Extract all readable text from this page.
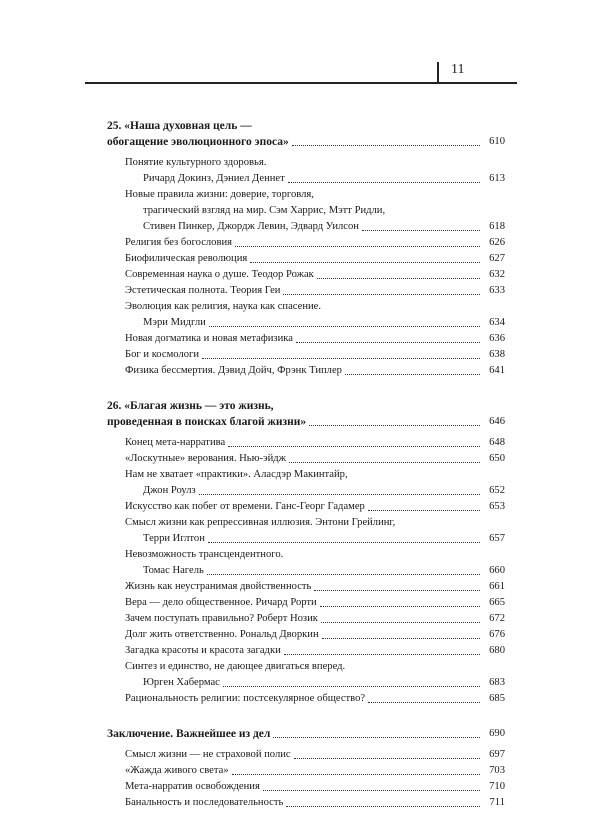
11
25. «Наша духовная цель —
обогащение эволюционного эпоса»	610
Понятие культурного здоровья.
Ричард Докинз, Дэниел Деннет	613
Новые правила жизни: доверие, торговля,
трагический взгляд на мир. Сэм Харрис, Мэтт Ридли,
Стивен Пинкер, Джордж Левин, Эдвард Уилсон	618
Религия без богословия	626
Биофилическая революция	627
Современная наука о душе. Теодор Рожак	632
Эстетическая полнота. Теория Геи	633
Эволюция как религия, наука как спасение.
Мэри Мидгли	634
Новая догматика и новая метафизика	636
Бог и космологи	638
Физика бессмертия. Дэвид Дойч, Фрэнк Типлер	641
26. «Благая жизнь — это жизнь,
проведенная в поисках благой жизни»	646
Конец мета-нарратива	648
«Лоскутные» верования. Нью-эйдж	650
Нам не хватает «практики». Аласдэр Макинтайр,
Джон Роулз	652
Искусство как побег от времени. Ганс-Георг Гадамер	653
Смысл жизни как репрессивная иллюзия. Энтони Грейлинг,
Терри Иглтон	657
Невозможность трансцендентного.
Томас Нагель	660
Жизнь как неустранимая двойственность	661
Вера — дело общественное. Ричард Рорти	665
Зачем поступать правильно? Роберт Нозик	672
Долг жить ответственно. Рональд Дворкин	676
Загадка красоты и красота загадки	680
Синтез и единство, не дающее двигаться вперед.
Юрген Хабермас	683
Рациональность религии: постсекулярное общество?	685
Заключение. Важнейшее из дел	690
Смысл жизни — не страховой полис	697
«Жажда живого света»	703
Мета-нарратив освобождения	710
Банальность и последовательность	711
